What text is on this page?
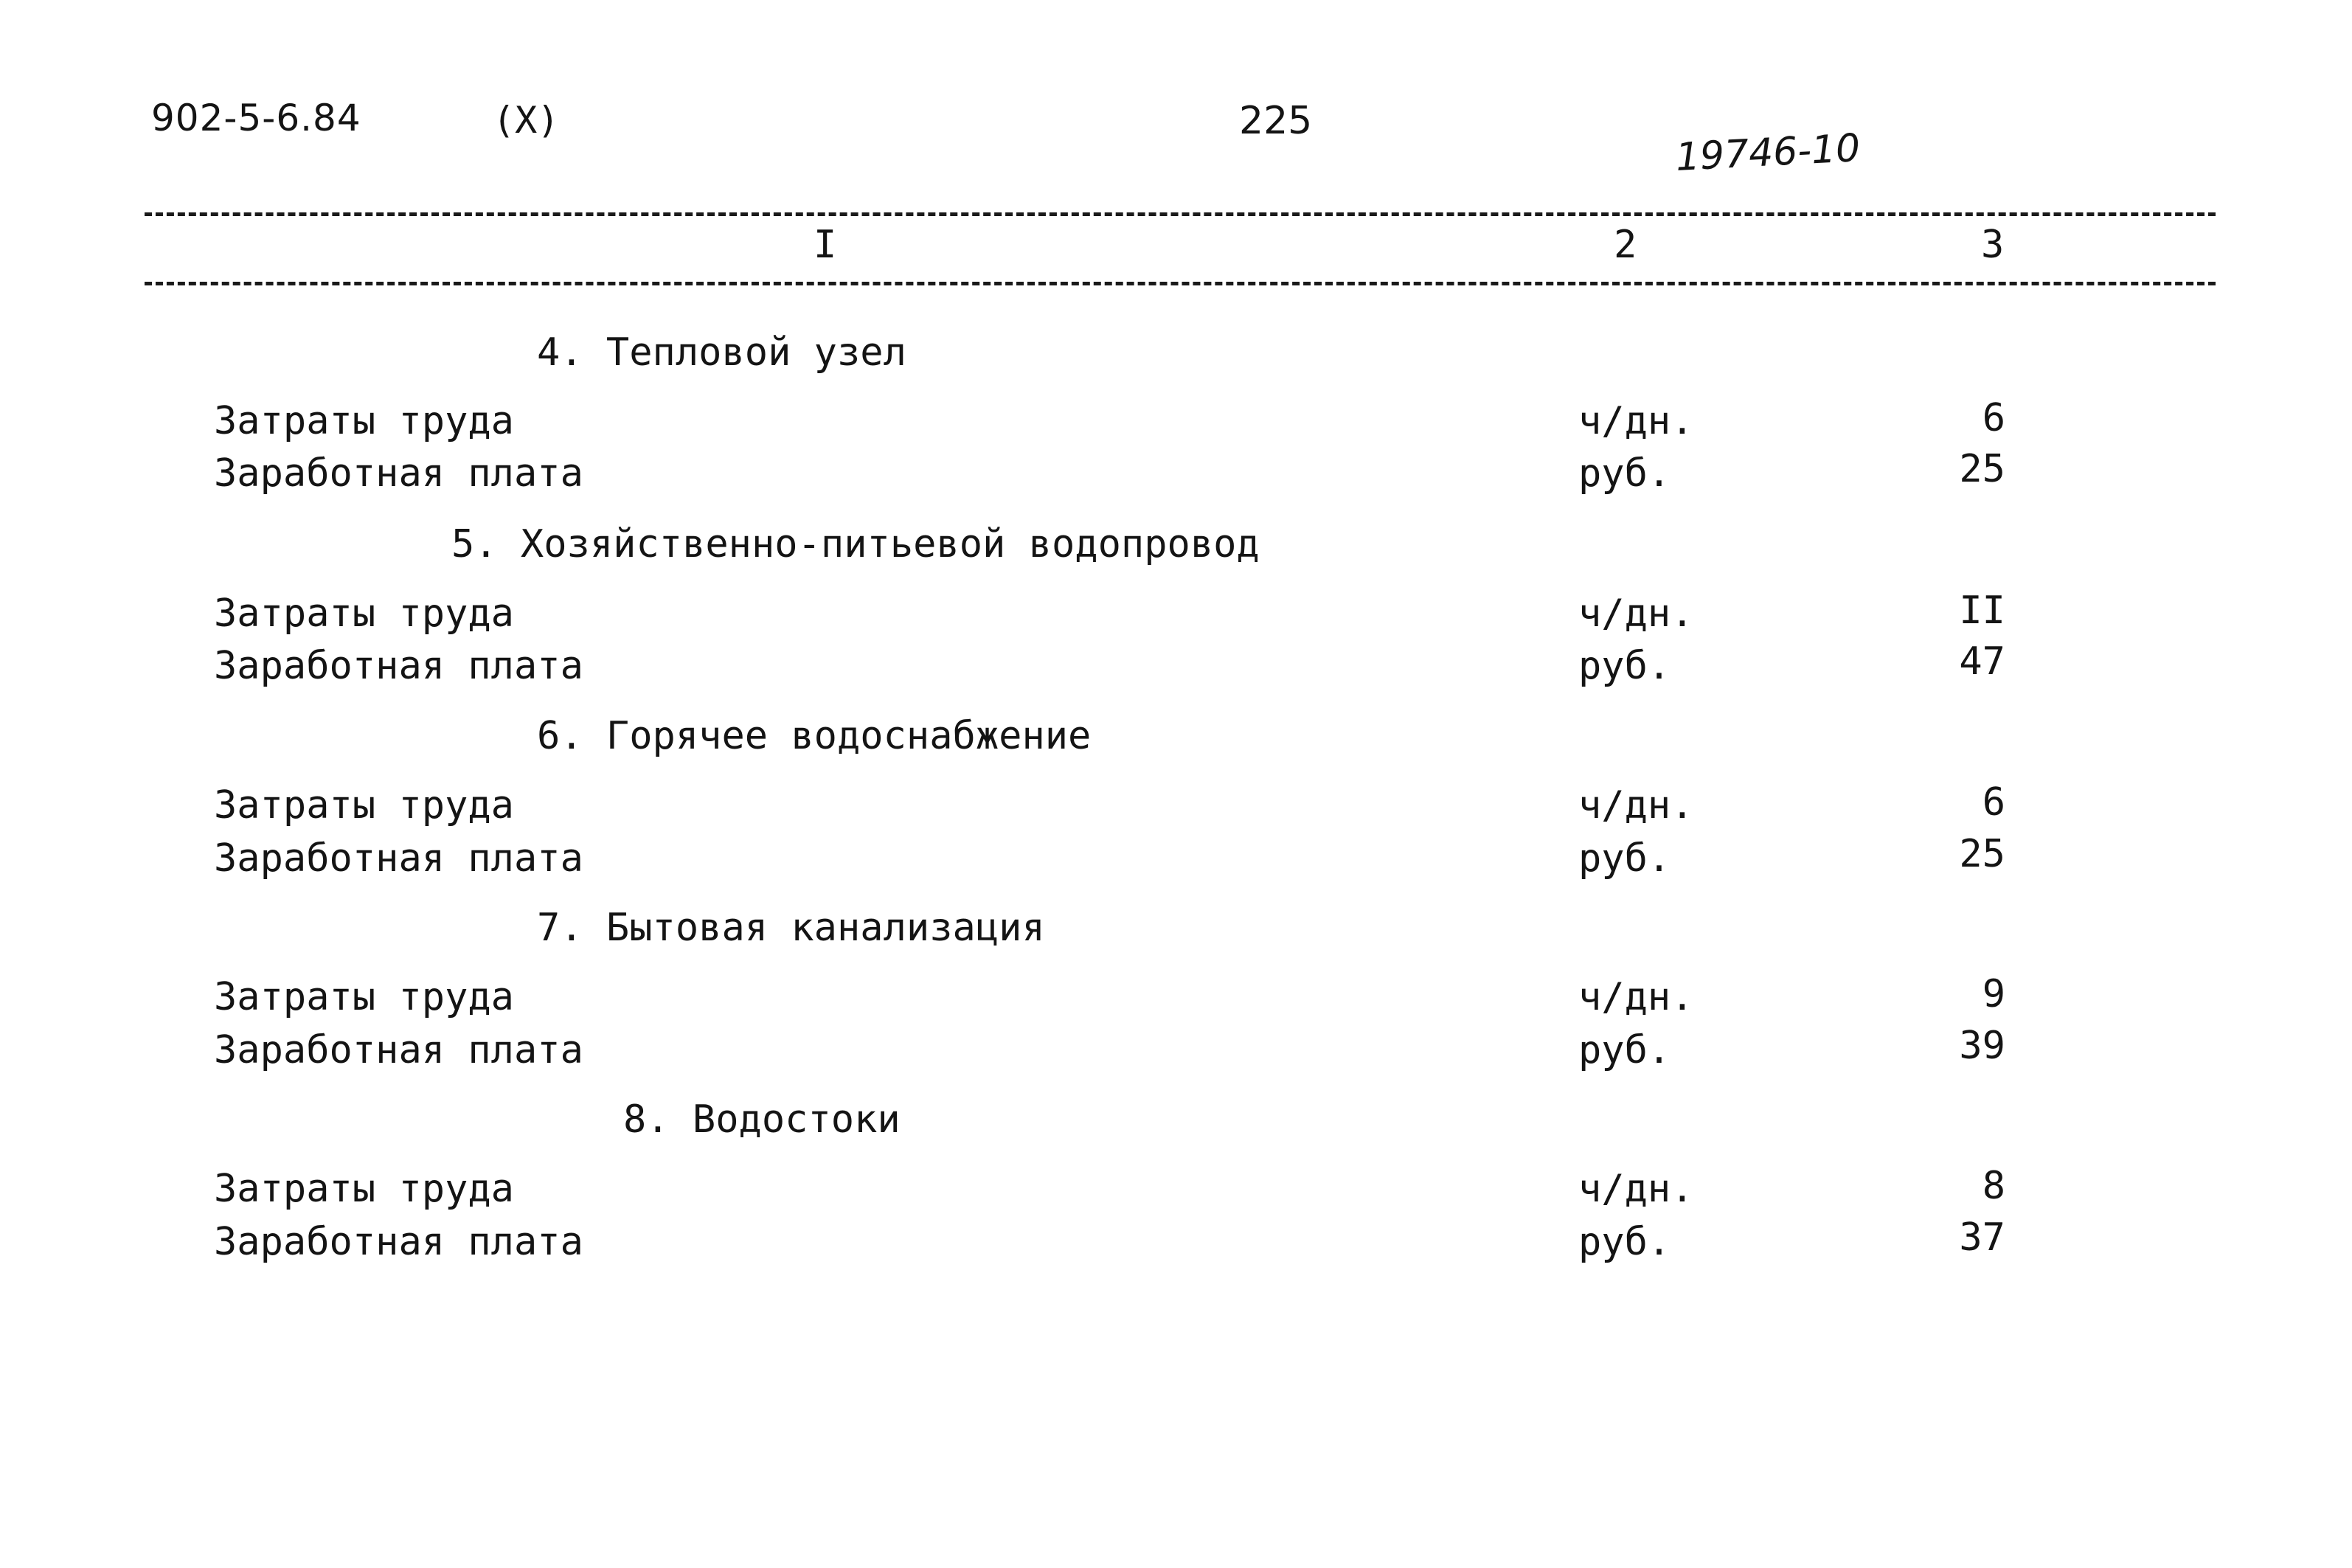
902-5-6.84	(X)	225
19746-10
I	2	3
4. Тепловой узел
Затраты труда	ч/дн.	6
Заработная плата	руб.	25
5. Хозяйственно-питьевой водопровод
Затраты труда	ч/дн.	II
Заработная плата	руб.	47
6. Горячее водоснабжение
Затраты труда	ч/дн.	6
Заработная плата	руб.	25
7. Бытовая канализация
Затраты труда	ч/дн.	9
Заработная плата	руб.	39
8. Водостоки
Затраты труда	ч/дн.	8
Заработная плата	руб.	37
